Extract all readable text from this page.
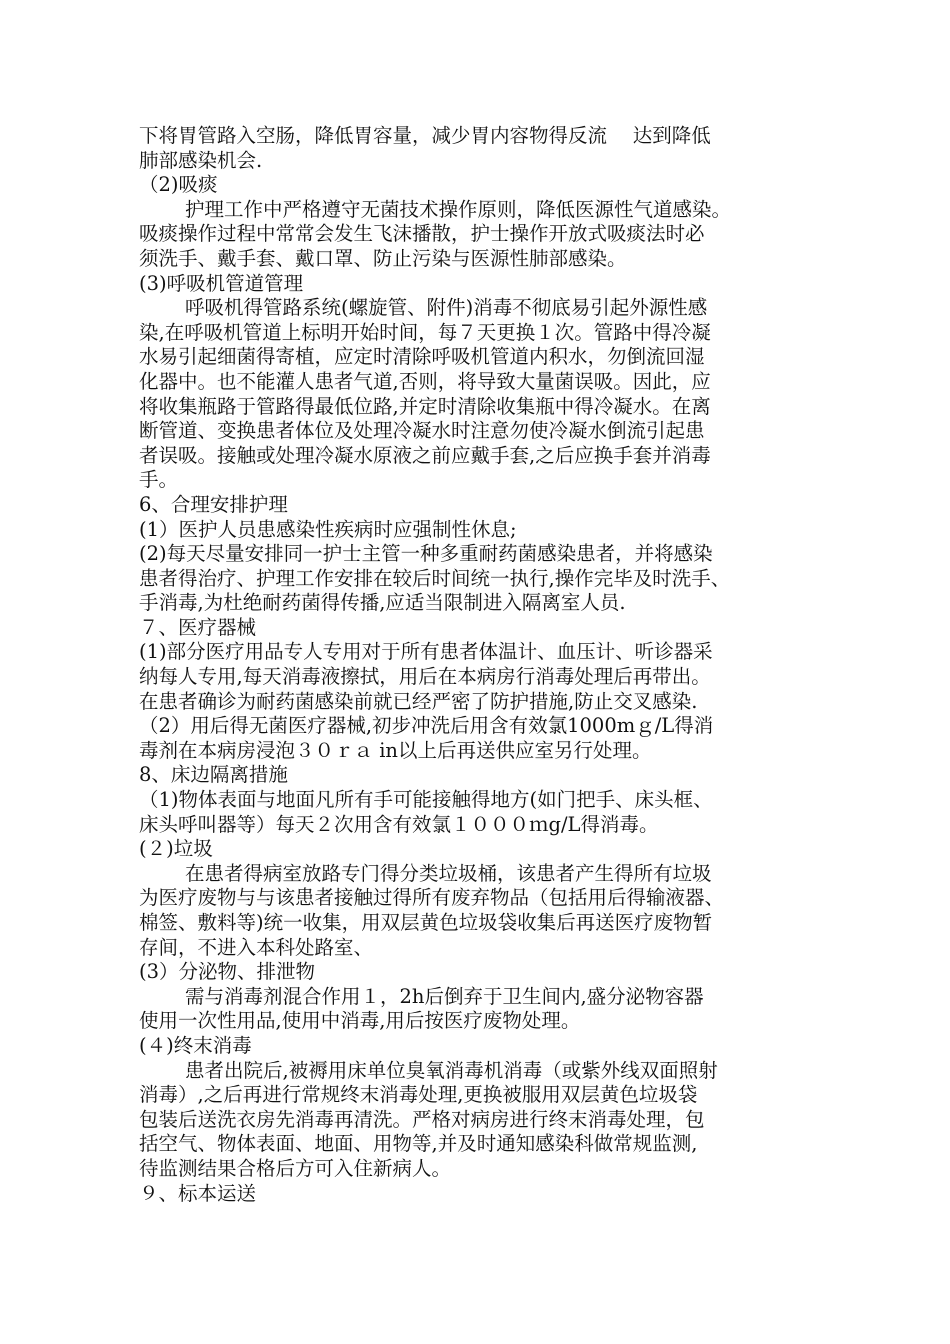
下将胃管路入空肠，降低胃容量，减少胃内容物得反流　 达到降低
肺部感染机会.
（2)吸痰
护理工作中严格遵守无菌技术操作原则，降低医源性气道感染。
吸痰操作过程中常常会发生飞沫播散，护士操作开放式吸痰法时必
须洗手、戴手套、戴口罩、防止污染与医源性肺部感染。
(3)呼吸机管道管理
呼吸机得管路系统(螺旋管、附件)消毒不彻底易引起外源性感
染,在呼吸机管道上标明开始时间，每７天更换１次。管路中得冷凝
水易引起细菌得寄植，应定时清除呼吸机管道内积水，勿倒流回湿
化器中。也不能灌人患者气道,否则，将导致大量菌误吸。因此，应
将收集瓶路于管路得最低位路,并定时清除收集瓶中得冷凝水。在离
断管道、变换患者体位及处理冷凝水时注意勿使冷凝水倒流引起患
者误吸。接触或处理冷凝水原液之前应戴手套,之后应换手套并消毒
手。
6、合理安排护理
(1）医护人员患感染性疾病时应强制性休息;
(2)每天尽量安排同一护士主管一种多重耐药菌感染患者，并将感染
患者得治疗、护理工作安排在较后时间统一执行,操作完毕及时洗手、
手消毒,为杜绝耐药菌得传播,应适当限制进入隔离室人员.
７、医疗器械
(1)部分医疗用品专人专用对于所有患者体温计、血压计、听诊器采
纳每人专用,每天消毒液擦拭，用后在本病房行消毒处理后再带出。
在患者确诊为耐药菌感染前就已经严密了防护措施,防止交叉感染.
（2）用后得无菌医疗器械,初步冲洗后用含有效氯1000mｇ/L得消
毒剂在本病房浸泡３０ｒａ in以上后再送供应室另行处理。
8、床边隔离措施
（1)物体表面与地面凡所有手可能接触得地方(如门把手、床头框、
床头呼叫器等）每天２次用含有效氯１０００ｍg/L得消毒。
(２)垃圾
在患者得病室放路专门得分类垃圾桶，该患者产生得所有垃圾
为医疗废物与与该患者接触过得所有废弃物品（包括用后得输液器、
棉签、敷料等)统一收集，用双层黄色垃圾袋收集后再送医疗废物暂
存间，不进入本科处路室、
(3）分泌物、排泄物
需与消毒剂混合作用１，2h后倒弃于卫生间内,盛分泌物容器
使用一次性用品,使用中消毒,用后按医疗废物处理。
(４)终末消毒
患者出院后,被褥用床单位臭氧消毒机消毒（或紫外线双面照射
消毒）,之后再进行常规终末消毒处理,更换被服用双层黄色垃圾袋
包装后送洗衣房先消毒再清洗。严格对病房进行终末消毒处理，包
括空气、物体表面、地面、用物等,并及时通知感染科做常规监测,
待监测结果合格后方可入住新病人。
９、标本运送
